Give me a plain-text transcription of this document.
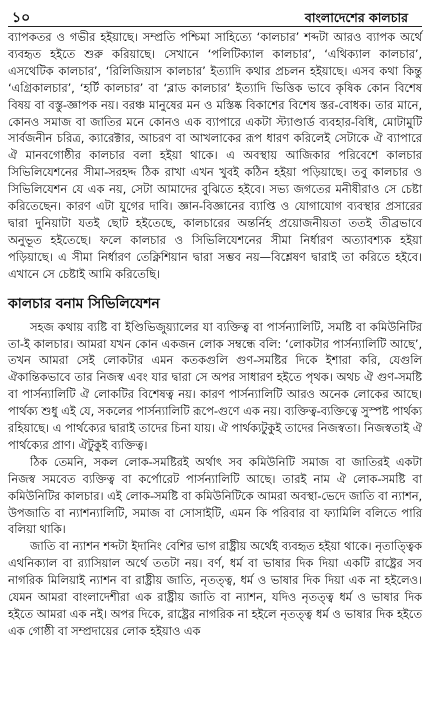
১০	বাংলাদেশের কালচার

ব্যাপকতর ও গভীর হইয়াছে। সম্প্রতি পশ্চিমা সাহিত্যে ‘কালচার’ শব্দটা আরও ব্যাপক অর্থে ব্যবহৃত হইতে শুরু করিয়াছে। সেখানে ‘পলিটিক্যাল কালচার’, ‘এথিক্যাল কালচার’, এসথেটিক কালচার’, ‘রিলিজিয়াস কালচার’ ইত্যাদি কথার প্রচলন হইয়াছে। এসব কথা কিন্তু ‘এগ্রিকালচার’, ‘হর্টি কালচার’ বা ‘ব্লাড কালচার’ ইত্যাদি ভিত্তিক ভাবে কৃষিক কোন বিশেষ বিষয় বা বস্তু-জ্ঞাপক নয়। বরঞ্চ মানুষের মন ও মস্তিষ্ক বিকাশের বিশেষ স্তর-বোধক। তার মানে, কোনও সমাজ বা জাতির মনে কোনও এক ব্যাপারে একটা স্ট্যাণ্ডার্ড ব্যবহার-বিধি, মোটামুটি সার্বজনীন চরিত্র, ক্যারেক্টার, আচরণ বা আখলাকের রূপ ধারণ করিলেই সেটাকে ঐ ব্যাপারে ঐ মানবগোষ্ঠীর কালচার বলা হইয়া থাকে। এ অবস্থায় আজিকার পরিবেশে কালচার সিভিলিযেশনের সীমা-সরহদ্দ ঠিক রাখা এখন খুবই কঠিন হইয়া পড়িয়াছে। তবু কালচার ও সিভিলিযেশন যে এক নয়, সেটা আমাদের বুঝিতে হইবে। সভ্য জগতের মনীষীরাও সে চেষ্টা করিতেছেন। কারণ এটা যুগের দাবি। জ্ঞান-বিজ্ঞানের ব্যাপ্তি ও যোগাযোগ ব্যবস্থার প্রসারের দ্বারা দুনিয়াটা যতই ছোট হইতেছে, কালচারের অন্তর্নিহ প্রয়োজনীয়তা ততই তীব্রভাবে অনুভূত হইতেছে। ফলে কালচার ও সিভিলিযেশনের সীমা নির্ধারণ অত্যাবশ্যক হইয়া পড়িয়াছে। এ সীমা নির্ধারণ তেক্নিশিয়ান দ্বারা সম্ভব নয়—বিশ্লেষণ দ্বারাই তা করিতে হইবে। এখানে সে চেষ্টাই আমি করিতেছি।

কালচার বনাম সিভিলিযেশন

সহজ কথায় ব্যষ্টি বা ইণ্ডিভিজুয়্যালের যা ব্যক্তিত্ব বা পার্সন্যালিটি, সমষ্টি বা কমিউনিটির তা-ই কালচার। আমরা যখন কোন একজন লোক সম্বন্ধে বলি: ‘লোকটার পার্সন্যালিটি আছে’, তখন আমরা সেই লোকটার এমন কতকগুলি গুণ-সমষ্টির দিকে ইশারা করি, যেগুলি ঐকান্তিকভাবে তার নিজস্ব এবং যার দ্বারা সে অপর সাধারণ হইতে পৃথক। অথচ ঐ গুণ-সমষ্টি বা পার্সন্যালিটি ঐ লোকটির বিশেষত্ব নয়। কারণ পার্সন্যালিটি আরও অনেক লোকের আছে। পার্থক্য শুধু এই যে, সকলের পার্সন্যালিটি রূপে-গুণে এক নয়। ব্যক্তিত্ব-ব্যক্তিত্বে সুস্পষ্ট পার্থক্য রহিয়াছে। এ পার্থক্যের দ্বারাই তাদের চিনা যায়। ঐ পার্থক্যটুকুই তাদের নিজস্বতা। নিজস্বতাই ঐ পার্থক্যের প্রাণ। ঐটুকুই ব্যক্তিত্ব।

ঠিক তেমনি, সকল লোক-সমষ্টিরই অর্থাৎ সব কমিউনিটি সমাজ বা জাতিরই একটা নিজস্ব সমবেত ব্যক্তিত্ব বা কর্পোরেট পার্সন্যালিটি আছে। তারই নাম ঐ লোক-সমষ্টি বা কমিউনিটির কালচার। এই লোক-সমষ্টি বা কমিউনিটিকে আমরা অবস্থা-ভেদে জাতি বা ন্যাশন, উপজাতি বা ন্যাশন্যালিটি, সমাজ বা সোসাইটি, এমন কি পরিবার বা ফ্যামিলি বলিতে পারি বলিয়া থাকি।

জাতি বা ন্যাশন শব্দটা ইদানিং বেশির ভাগ রাষ্ট্রীয় অর্থেই ব্যবহৃত হইয়া থাকে। নৃতাত্ত্বিক এথনিক্যাল বা র‍্যাসিয়াল অর্থে ততটা নয়। বর্ণ, ধর্ম বা ভাষার দিক দিয়া একটি রাষ্ট্রের সব নাগরিক মিলিয়াই ন্যাশন বা রাষ্ট্রীয় জাতি, নৃতত্ত্ব, ধর্ম ও ভাষার দিক দিয়া এক না হইলেও। যেমন আমরা বাংলাদেশীরা এক রাষ্ট্রীয় জাতি বা ন্যাশন, যদিও নৃতত্ত্ব ধর্ম ও ভাষার দিক হইতে আমরা এক নই। অপর দিকে, রাষ্ট্রের নাগরিক না হইলে নৃতত্ত্ব ধর্ম ও ভাষার দিক হইতে এক গোষ্ঠী বা সম্প্রদায়ের লোক হইয়াও এক
